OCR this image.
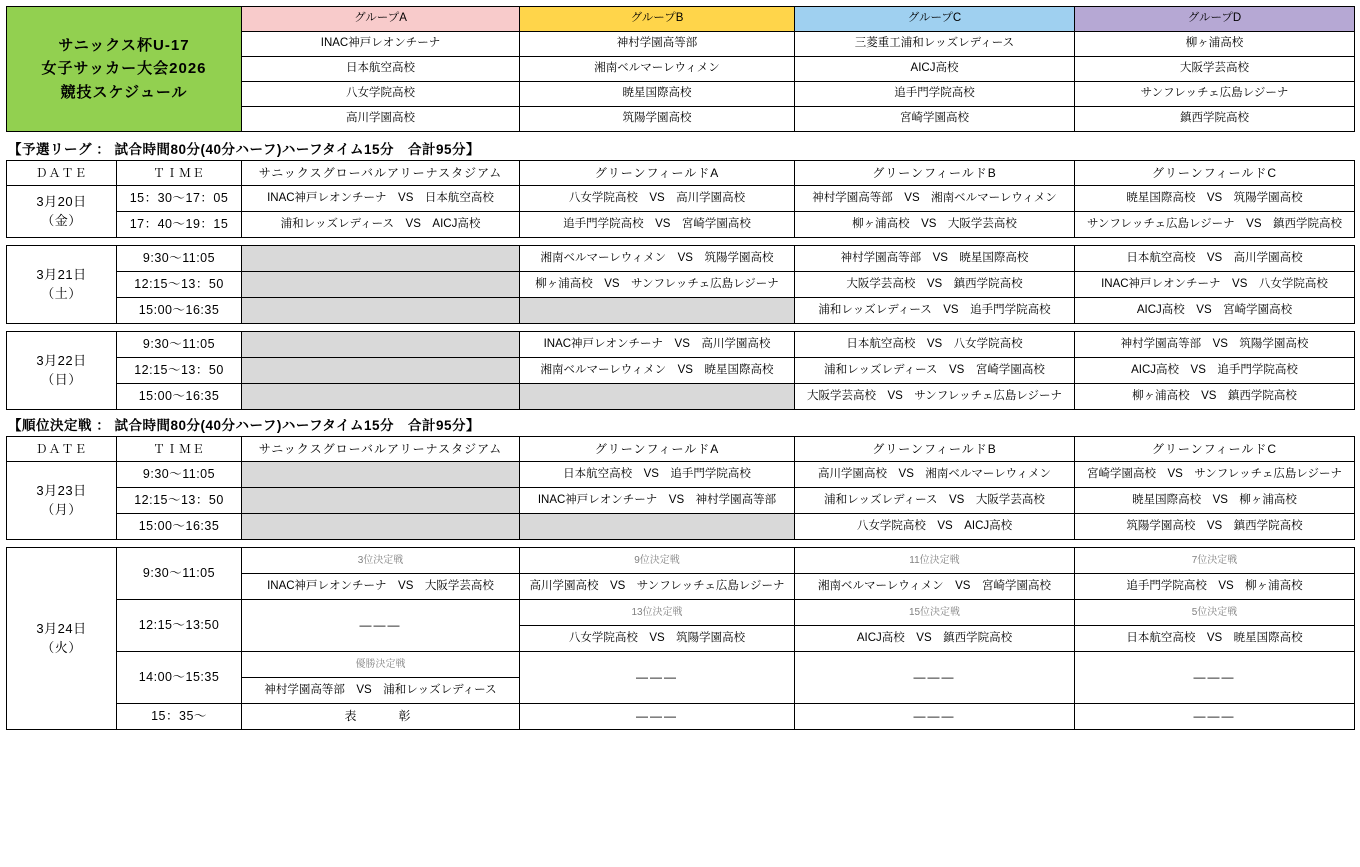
サニックス杯U-17
女子サッカー大会2026
競技スケジュール	グループA	グループB	グループC	グループD
	INAC神戸レオンチーナ	神村学園高等部	三菱重工浦和レッズレディース	柳ヶ浦高校
	日本航空高校	湘南ベルマーレウィメン	AICJ高校	大阪学芸高校
	八女学院高校	暁星国際高校	追手門学院高校	サンフレッチェ広島レジーナ
	高川学園高校	筑陽学園高校	宮崎学園高校	鎮西学院高校
【予選リーグ ： 試合時間80分(40分ハーフ)ハーフタイム15分　合計95分】
ＤＡＴＥ	ＴＩＭＥ	サニックスグローバルアリーナスタジアム	グリーンフィールドA	グリーンフィールドB	グリーンフィールドC
3月20日
（金）	15：30〜17：05	INAC神戸レオンチーナ　VS　日本航空高校	八女学院高校　VS　高川学園高校	神村学園高等部　VS　湘南ベルマーレウィメン	暁星国際高校　VS　筑陽学園高校
	17：40〜19：15	浦和レッズレディース　VS　AICJ高校	追手門学院高校　VS　宮崎学園高校	柳ヶ浦高校　VS　大阪学芸高校	サンフレッチェ広島レジーナ　VS　鎮西学院高校

3月21日
（土）	9:30〜11:05		湘南ベルマーレウィメン　VS　筑陽学園高校	神村学園高等部　VS　暁星国際高校	日本航空高校　VS　高川学園高校
	12:15〜13：50		柳ヶ浦高校　VS　サンフレッチェ広島レジーナ	大阪学芸高校　VS　鎮西学院高校	INAC神戸レオンチーナ　VS　八女学院高校
	15:00〜16:35			浦和レッズレディース　VS　追手門学院高校	AICJ高校　VS　宮崎学園高校

3月22日
（日）	9:30〜11:05		INAC神戸レオンチーナ　VS　高川学園高校	日本航空高校　VS　八女学院高校	神村学園高等部　VS　筑陽学園高校
	12:15〜13：50		湘南ベルマーレウィメン　VS　暁星国際高校	浦和レッズレディース　VS　宮崎学園高校	AICJ高校　VS　追手門学院高校
	15:00〜16:35			大阪学芸高校　VS　サンフレッチェ広島レジーナ	柳ヶ浦高校　VS　鎮西学院高校
【順位決定戦 ： 試合時間80分(40分ハーフ)ハーフタイム15分　合計95分】
ＤＡＴＥ	ＴＩＭＥ	サニックスグローバルアリーナスタジアム	グリーンフィールドA	グリーンフィールドB	グリーンフィールドC
3月23日
（月）	9:30〜11:05		日本航空高校　VS　追手門学院高校	高川学園高校　VS　湘南ベルマーレウィメン	宮崎学園高校　VS　サンフレッチェ広島レジーナ
	12:15〜13：50		INAC神戸レオンチーナ　VS　神村学園高等部	浦和レッズレディース　VS　大阪学芸高校	暁星国際高校　VS　柳ヶ浦高校
	15:00〜16:35			八女学院高校　VS　AICJ高校	筑陽学園高校　VS　鎮西学院高校

3月24日
（火）	9:30〜11:05	3位決定戦	9位決定戦	11位決定戦	7位決定戦
		INAC神戸レオンチーナ　VS　大阪学芸高校	高川学園高校　VS　サンフレッチェ広島レジーナ	湘南ベルマーレウィメン　VS　宮崎学園高校	追手門学院高校　VS　柳ヶ浦高校
	12:15〜13:50	―――	13位決定戦	15位決定戦	5位決定戦
			八女学院高校　VS　筑陽学園高校	AICJ高校　VS　鎮西学院高校	日本航空高校　VS　暁星国際高校
	14:00〜15:35	優勝決定戦	―――	―――	―――
		神村学園高等部　VS　浦和レッズレディース			
	15：35〜	表　　彰	―――	―――	―――
